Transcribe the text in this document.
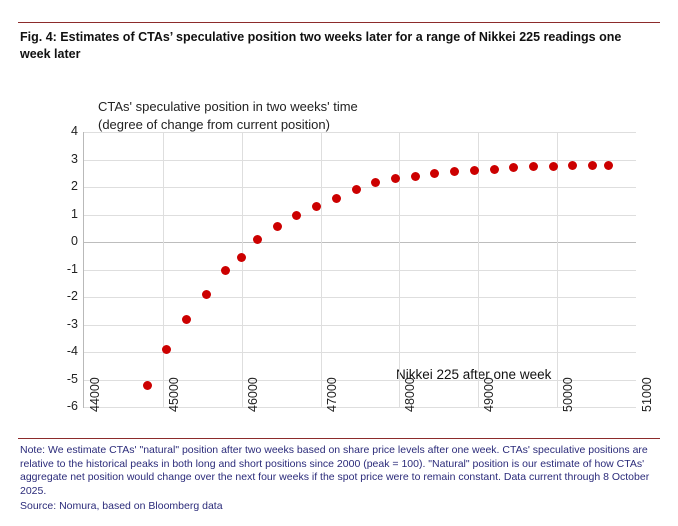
Fig. 4: Estimates of CTAs’ speculative position two weeks later for a range of Nikkei 225 readings one week later
CTAs' speculative position in two weeks' time
(degree of change from current position)
4
3
2
1
0
-1
-2
-3
-4
-5
-6
Nikkei 225 after one week
44000	45000	46000	47000	48000	49000	50000	51000
Note: We estimate CTAs' "natural" position after two weeks based on share price levels after one week. CTAs' speculative positions are relative to the historical peaks in both long and short positions since 2000 (peak = 100). "Natural" position is our estimate of how CTAs' aggregate net position would change over the next four weeks if the spot price were to remain constant. Data current through 8 October 2025.
Source: Nomura, based on Bloomberg data
